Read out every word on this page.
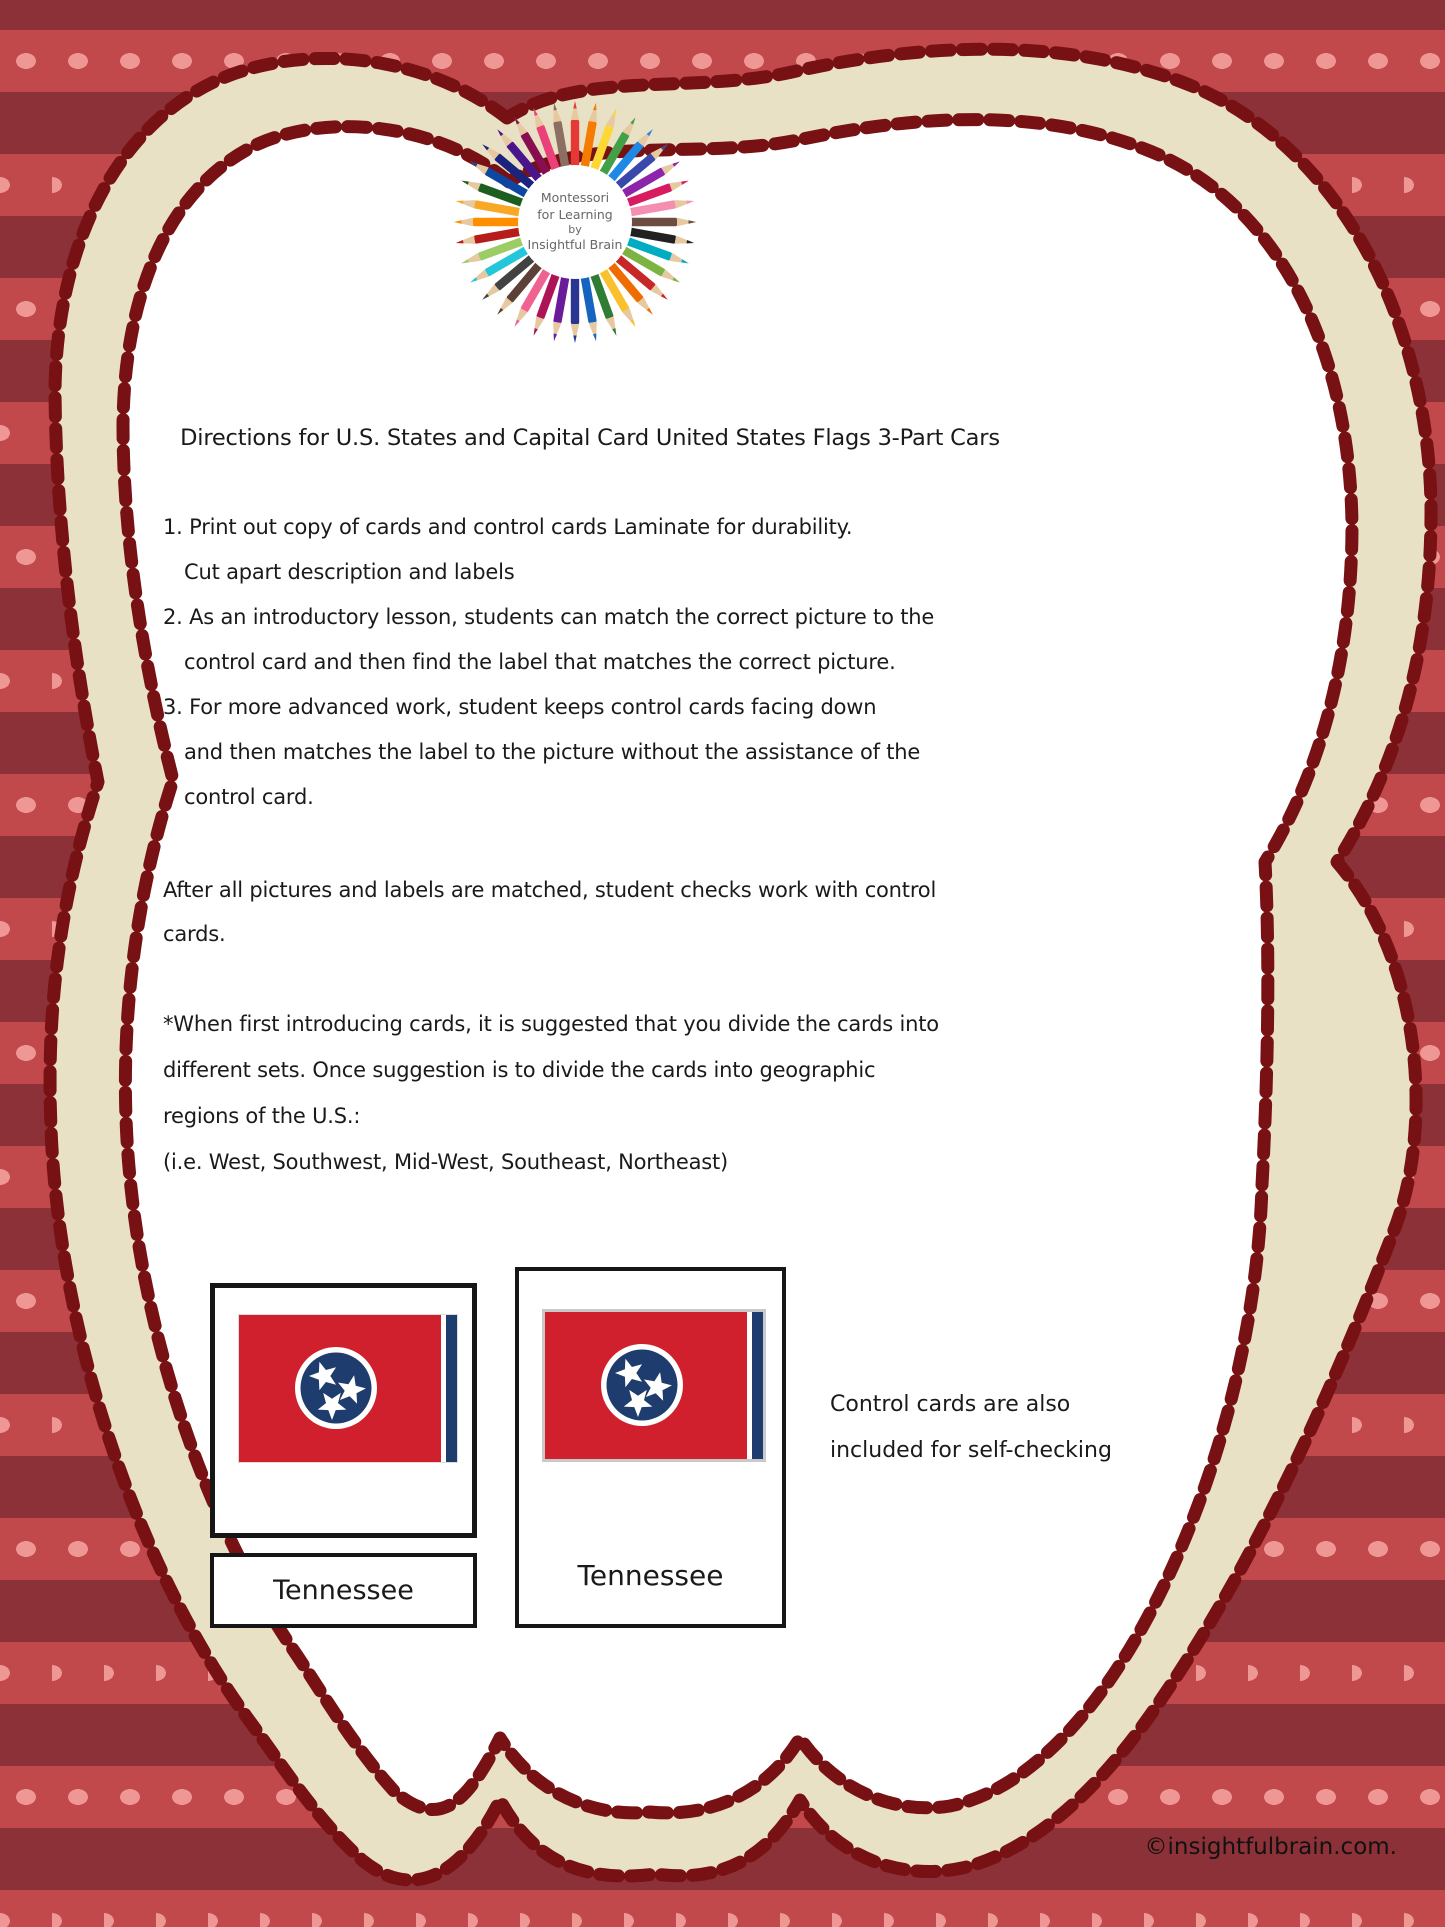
Montessori
for Learning
by
Insightful Brain
Directions for U.S. States and Capital Card United States Flags 3-Part Cars
1. Print out copy of cards and control cards Laminate for durability.
Cut apart description and labels
2. As an introductory lesson, students can match the correct picture to the
control card and then find the label that matches the correct picture.
3. For more advanced work, student keeps control cards facing down
and then matches the label to the picture without the assistance of the
control card.
After all pictures and labels are matched, student checks work with control
cards.
*When first introducing cards, it is suggested that you divide the cards into
different sets. Once suggestion is to divide the cards into geographic
regions of the U.S.:
(i.e. West, Southwest, Mid-West, Southeast, Northeast)
Tennessee	Tennessee
Control cards are also
included for self-checking
©insightfulbrain.com.
